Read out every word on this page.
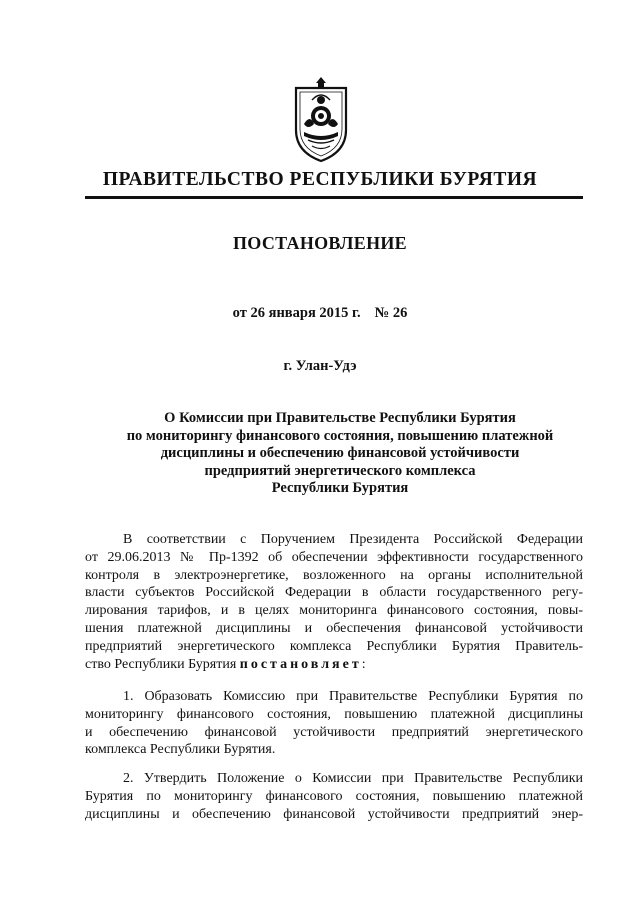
ПРАВИТЕЛЬСТВО РЕСПУБЛИКИ БУРЯТИЯ
ПОСТАНОВЛЕНИЕ

от 26 января 2015 г. № 26

г. Улан-Удэ

О Комиссии при Правительстве Республики Бурятия
по мониторингу финансового состояния, повышению платежной
дисциплины и обеспечению финансовой устойчивости
предприятий энергетического комплекса
Республики Бурятия

В соответствии с Поручением Президента Российской Федерации
от 29.06.2013 № Пр-1392 об обеспечении эффективности государственного
контроля в электроэнергетике, возложенного на органы исполнительной
власти субъектов Российской Федерации в области государственного регу-
лирования тарифов, и в целях мониторинга финансового состояния, повы-
шения платежной дисциплины и обеспечения финансовой устойчивости
предприятий энергетического комплекса Республики Бурятия Правитель-
ство Республики Бурятия постановляет:

1. Образовать Комиссию при Правительстве Республики Бурятия по
мониторингу финансового состояния, повышению платежной дисциплины
и обеспечению финансовой устойчивости предприятий энергетического
комплекса Республики Бурятия.

2. Утвердить Положение о Комиссии при Правительстве Республики
Бурятия по мониторингу финансового состояния, повышению платежной
дисциплины и обеспечению финансовой устойчивости предприятий энер-
